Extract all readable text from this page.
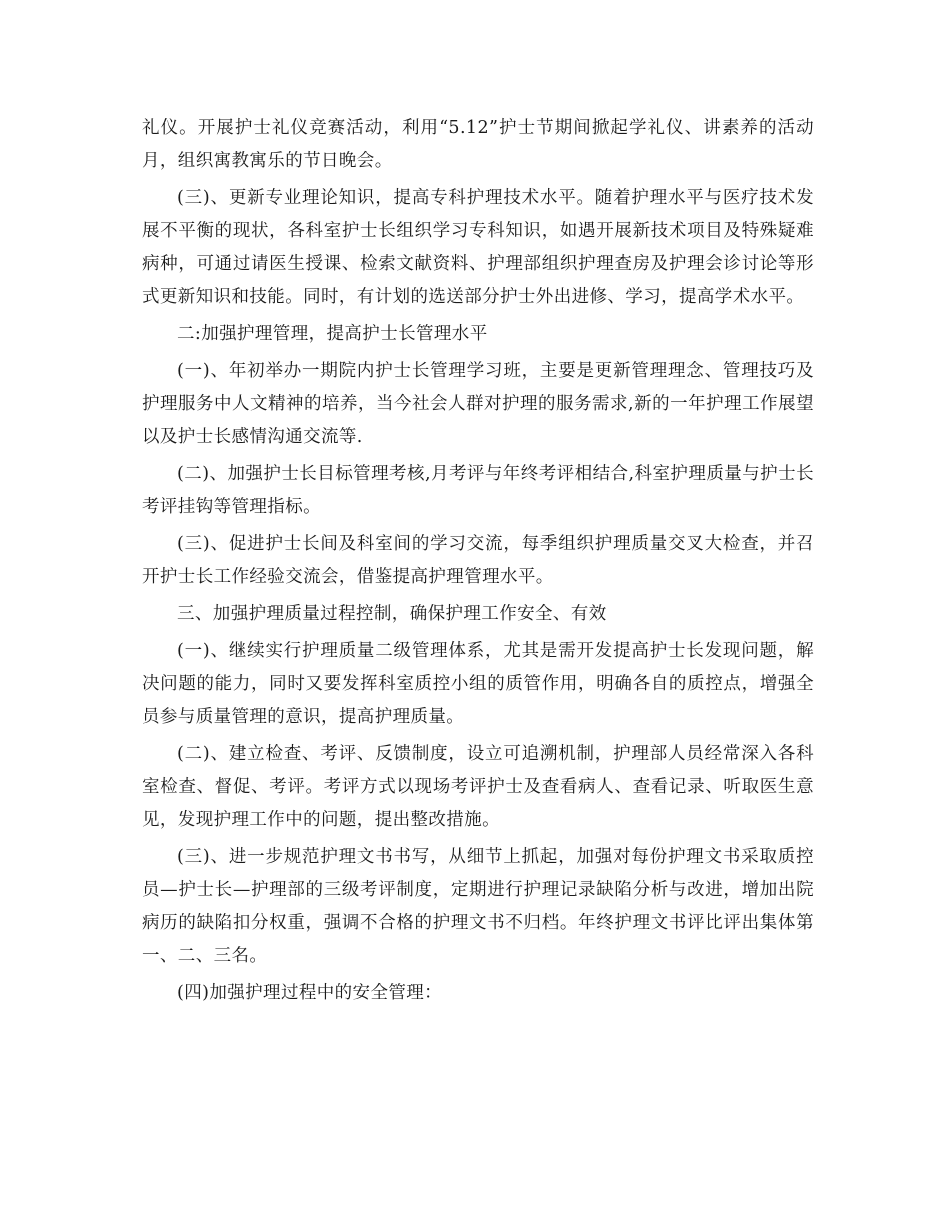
礼仪。开展护士礼仪竞赛活动，利用“5.12”护士节期间掀起学礼仪、讲素养的活动月，组织寓教寓乐的节日晚会。

(三)、更新专业理论知识，提高专科护理技术水平。随着护理水平与医疗技术发展不平衡的现状，各科室护士长组织学习专科知识，如遇开展新技术项目及特殊疑难病种，可通过请医生授课、检索文献资料、护理部组织护理查房及护理会诊讨论等形式更新知识和技能。同时，有计划的选送部分护士外出进修、学习，提高学术水平。

二:加强护理管理，提高护士长管理水平

(一)、年初举办一期院内护士长管理学习班，主要是更新管理理念、管理技巧及护理服务中人文精神的培养，当今社会人群对护理的服务需求,新的一年护理工作展望以及护士长感情沟通交流等.

(二)、加强护士长目标管理考核,月考评与年终考评相结合,科室护理质量与护士长考评挂钩等管理指标。

(三)、促进护士长间及科室间的学习交流，每季组织护理质量交叉大检查，并召开护士长工作经验交流会，借鉴提高护理管理水平。

三、加强护理质量过程控制，确保护理工作安全、有效

(一)、继续实行护理质量二级管理体系，尤其是需开发提高护士长发现问题，解决问题的能力，同时又要发挥科室质控小组的质管作用，明确各自的质控点，增强全员参与质量管理的意识，提高护理质量。

(二)、建立检查、考评、反馈制度，设立可追溯机制，护理部人员经常深入各科室检查、督促、考评。考评方式以现场考评护士及查看病人、查看记录、听取医生意见，发现护理工作中的问题，提出整改措施。

(三)、进一步规范护理文书书写，从细节上抓起，加强对每份护理文书采取质控员—护士长—护理部的三级考评制度，定期进行护理记录缺陷分析与改进，增加出院病历的缺陷扣分权重，强调不合格的护理文书不归档。年终护理文书评比评出集体第一、二、三名。

(四)加强护理过程中的安全管理：
